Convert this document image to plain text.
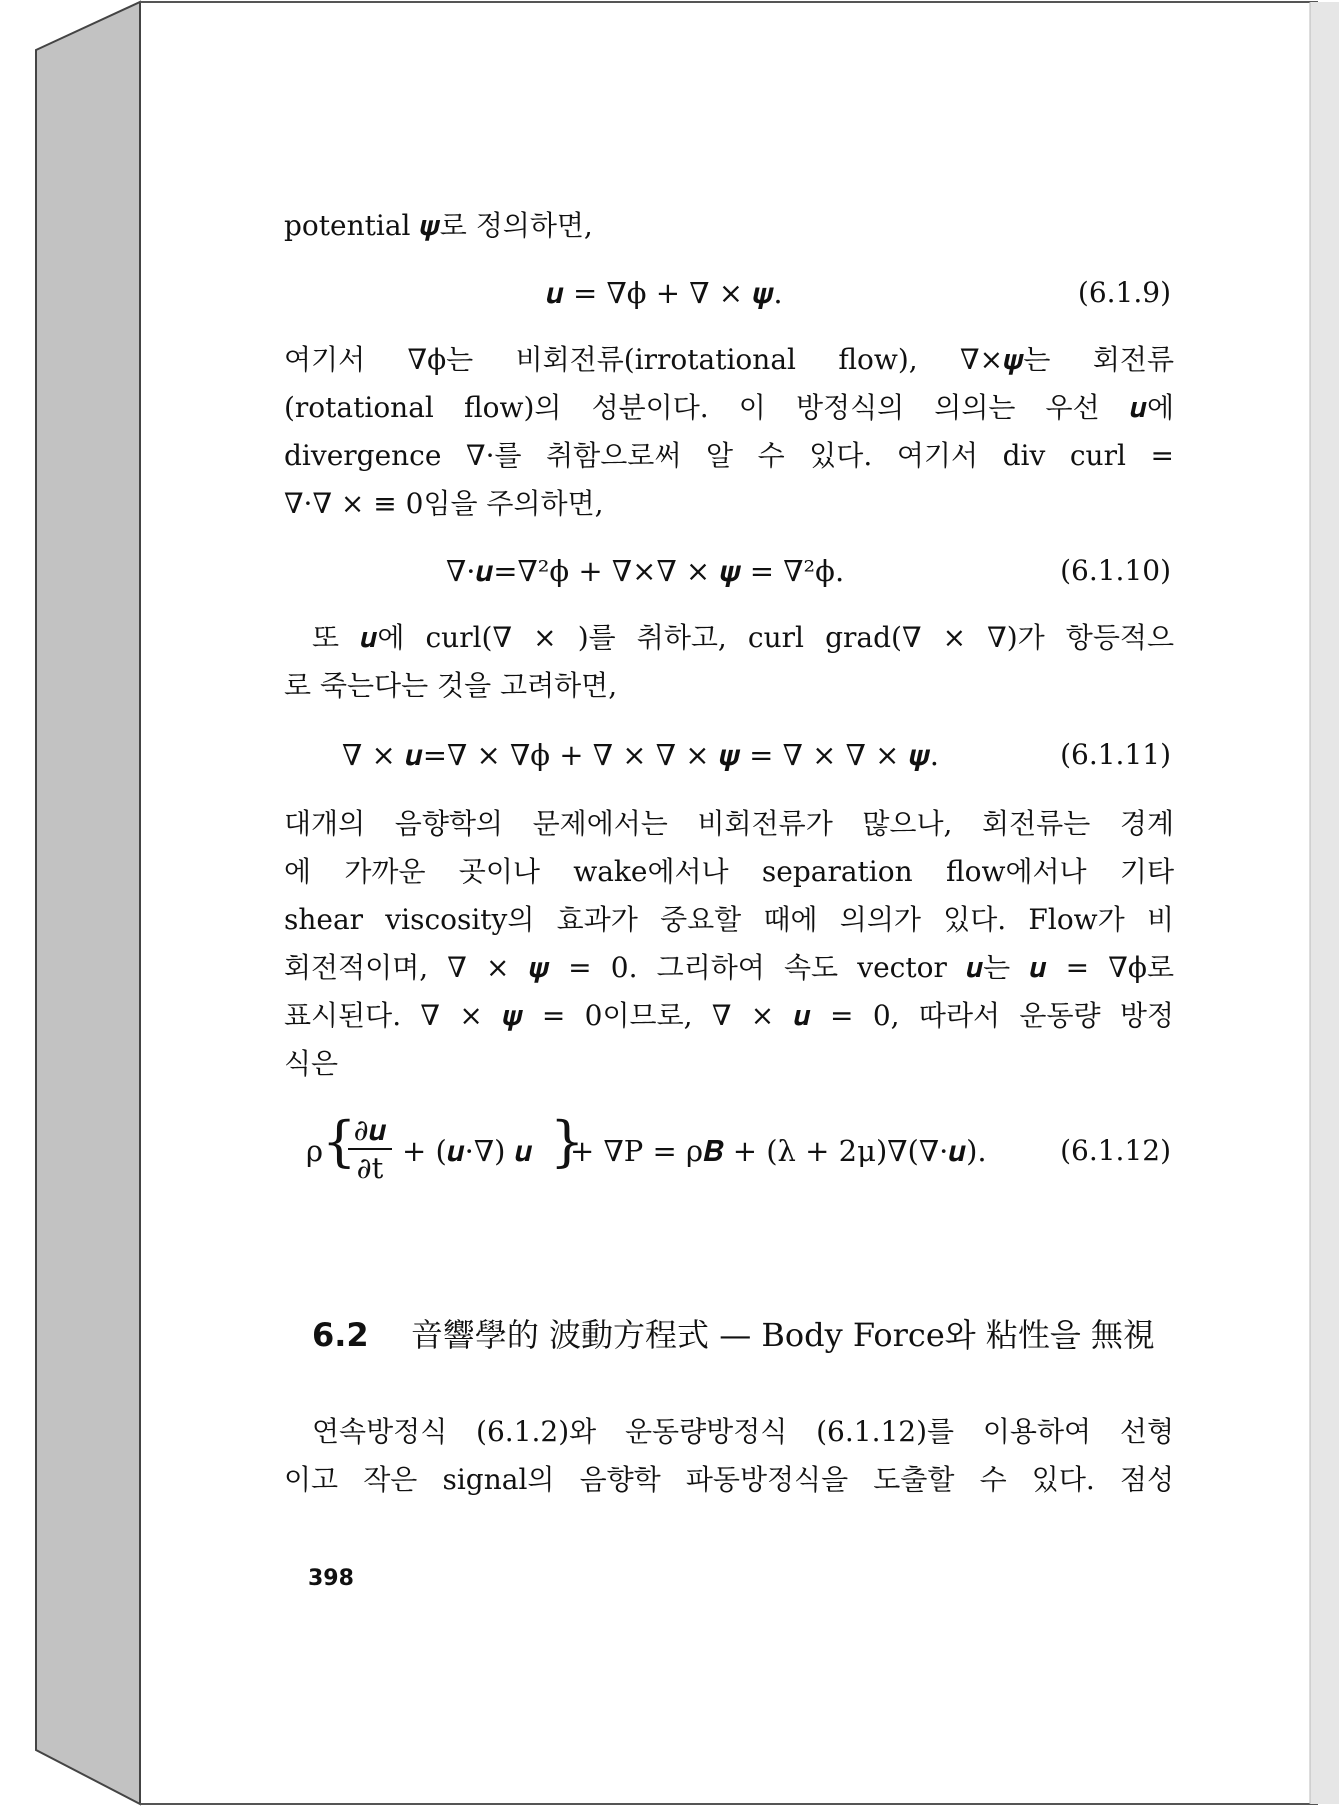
potential 𝝍로 정의하면,
𝒖 = ∇ϕ + ∇ × 𝝍.	(6.1.9)
여기서 ∇ϕ는 비회전류(irrotational flow), ∇×𝝍는 회전류
(rotational flow)의 성분이다. 이 방정식의 의의는 우선 𝒖에
divergence ∇·를 취함으로써 알 수 있다. 여기서 div curl =
∇·∇ × ≡ 0임을 주의하면,
∇·𝒖=∇²ϕ + ∇×∇ × 𝝍 = ∇²ϕ.	(6.1.10)
또 𝒖에 curl(∇ × )를 취하고, curl grad(∇ × ∇)가 항등적으
로 죽는다는 것을 고려하면,
∇ × 𝒖=∇ × ∇ϕ + ∇ × ∇ × 𝝍 = ∇ × ∇ × 𝝍.	(6.1.11)
대개의 음향학의 문제에서는 비회전류가 많으나, 회전류는 경계
에 가까운 곳이나 wake에서나 separation flow에서나 기타
shear viscosity의 효과가 중요할 때에 의의가 있다. Flow가 비
회전적이며, ∇ × 𝝍 = 0. 그리하여 속도 vector 𝒖는 𝒖 = ∇ϕ로
표시된다. ∇ × 𝝍 = 0이므로, ∇ × 𝒖 = 0, 따라서 운동량 방정
식은
ρ
{
∂𝒖
∂t + (𝒖·∇) 𝒖 }
+ ∇P = ρ𝑩 + (λ + 2μ)∇(∇·𝒖).	(6.1.12)
6.2 音響學的 波動方程式 — Body Force와 粘性을 無視
연속방정식 (6.1.2)와 운동량방정식 (6.1.12)를 이용하여 선형
이고 작은 signal의 음향학 파동방정식을 도출할 수 있다. 점성
398
